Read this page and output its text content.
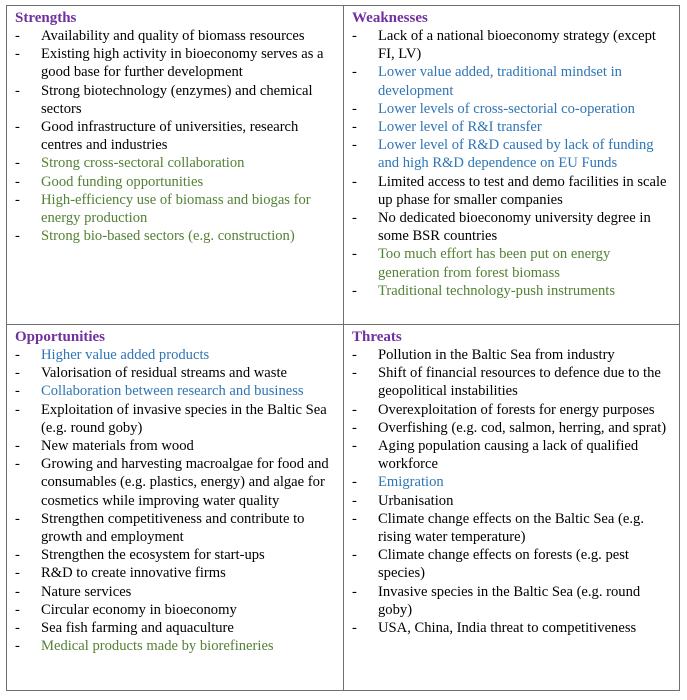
Strengths
- Availability and quality of biomass resources
- Existing high activity in bioeconomy serves as a good base for further development
- Strong biotechnology (enzymes) and chemical sectors
- Good infrastructure of universities, research centres and industries
- Strong cross-sectoral collaboration
- Good funding opportunities
- High-efficiency use of biomass and biogas for energy production
- Strong bio-based sectors (e.g. construction)
Weaknesses
- Lack of a national bioeconomy strategy (except FI, LV)
- Lower value added, traditional mindset in development
- Lower levels of cross-sectorial co-operation
- Lower level of R&I transfer
- Lower level of R&D caused by lack of funding and high R&D dependence on EU Funds
- Limited access to test and demo facilities in scale up phase for smaller companies
- No dedicated bioeconomy university degree in some BSR countries
- Too much effort has been put on energy generation from forest biomass
- Traditional technology-push instruments
Opportunities
- Higher value added products
- Valorisation of residual streams and waste
- Collaboration between research and business
- Exploitation of invasive species in the Baltic Sea (e.g. round goby)
- New materials from wood
- Growing and harvesting macroalgae for food and consumables (e.g. plastics, energy) and algae for cosmetics while improving water quality
- Strengthen competitiveness and contribute to growth and employment
- Strengthen the ecosystem for start-ups
- R&D to create innovative firms
- Nature services
- Circular economy in bioeconomy
- Sea fish farming and aquaculture
- Medical products made by biorefineries
Threats
- Pollution in the Baltic Sea from industry
- Shift of financial resources to defence due to the geopolitical instabilities
- Overexploitation of forests for energy purposes
- Overfishing (e.g. cod, salmon, herring, and sprat)
- Aging population causing a lack of qualified workforce
- Emigration
- Urbanisation
- Climate change effects on the Baltic Sea (e.g. rising water temperature)
- Climate change effects on forests (e.g. pest species)
- Invasive species in the Baltic Sea (e.g. round goby)
- USA, China, India threat to competitiveness
